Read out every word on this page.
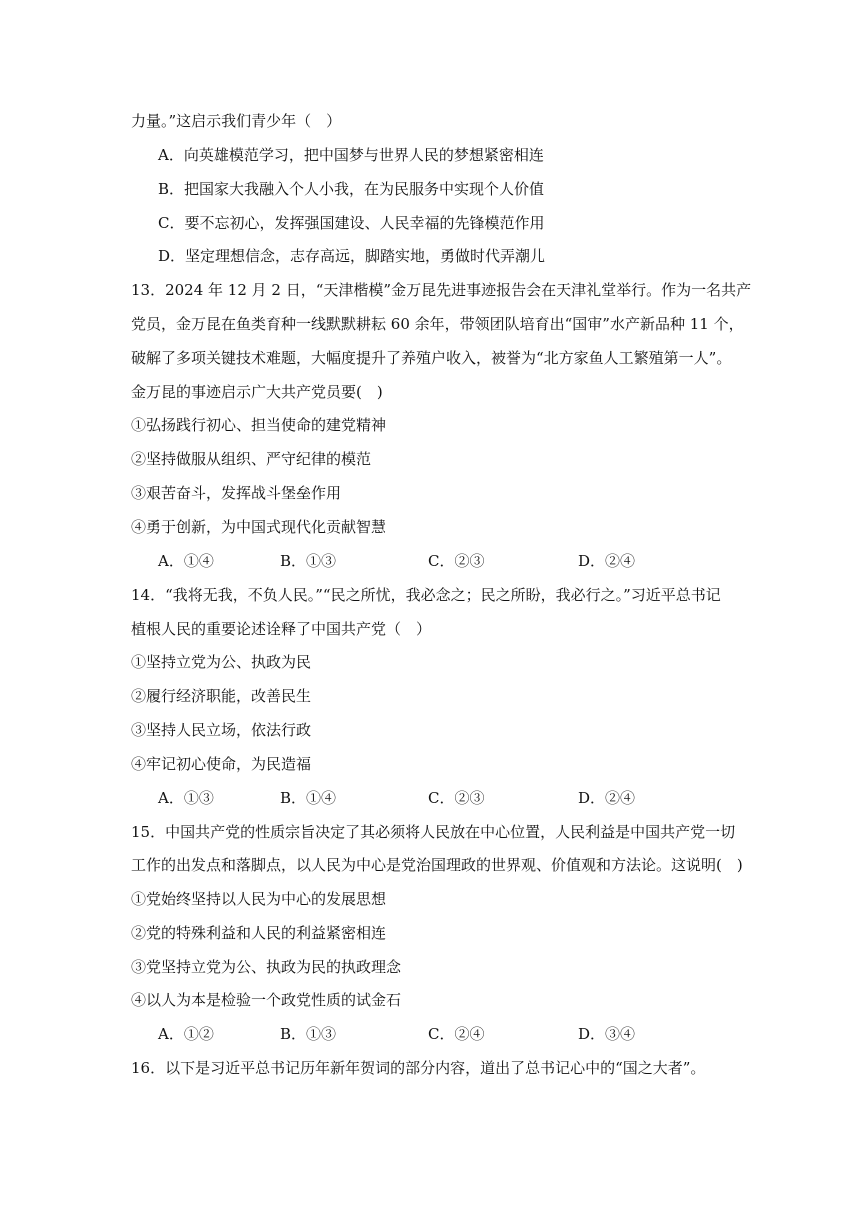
力量。”这启示我们青少年（　）
A．向英雄模范学习，把中国梦与世界人民的梦想紧密相连
B．把国家大我融入个人小我，在为民服务中实现个人价值
C．要不忘初心，发挥强国建设、人民幸福的先锋模范作用
D．坚定理想信念，志存高远，脚踏实地，勇做时代弄潮儿
13．2024 年 12 月 2 日，“天津楷模”金万昆先进事迹报告会在天津礼堂举行。作为一名共产
党员，金万昆在鱼类育种一线默默耕耘 60 余年，带领团队培育出“国审”水产新品种 11 个，
破解了多项关键技术难题，大幅度提升了养殖户收入，被誉为“北方家鱼人工繁殖第一人”。
金万昆的事迹启示广大共产党员要(　)
①弘扬践行初心、担当使命的建党精神
②坚持做服从组织、严守纪律的模范
③艰苦奋斗，发挥战斗堡垒作用
④勇于创新，为中国式现代化贡献智慧
A．①④	B．①③	C．②③	D．②④
14．“我将无我，不负人民。”“民之所忧，我必念之；民之所盼，我必行之。”习近平总书记
植根人民的重要论述诠释了中国共产党（　）
①坚持立党为公、执政为民
②履行经济职能，改善民生
③坚持人民立场，依法行政
④牢记初心使命，为民造福
A．①③	B．①④	C．②③	D．②④
15．中国共产党的性质宗旨决定了其必须将人民放在中心位置，人民利益是中国共产党一切
工作的出发点和落脚点，以人民为中心是党治国理政的世界观、价值观和方法论。这说明(　)
①党始终坚持以人民为中心的发展思想
②党的特殊利益和人民的利益紧密相连
③党坚持立党为公、执政为民的执政理念
④以人为本是检验一个政党性质的试金石
A．①②	B．①③	C．②④	D．③④
16．以下是习近平总书记历年新年贺词的部分内容，道出了总书记心中的“国之大者”。
